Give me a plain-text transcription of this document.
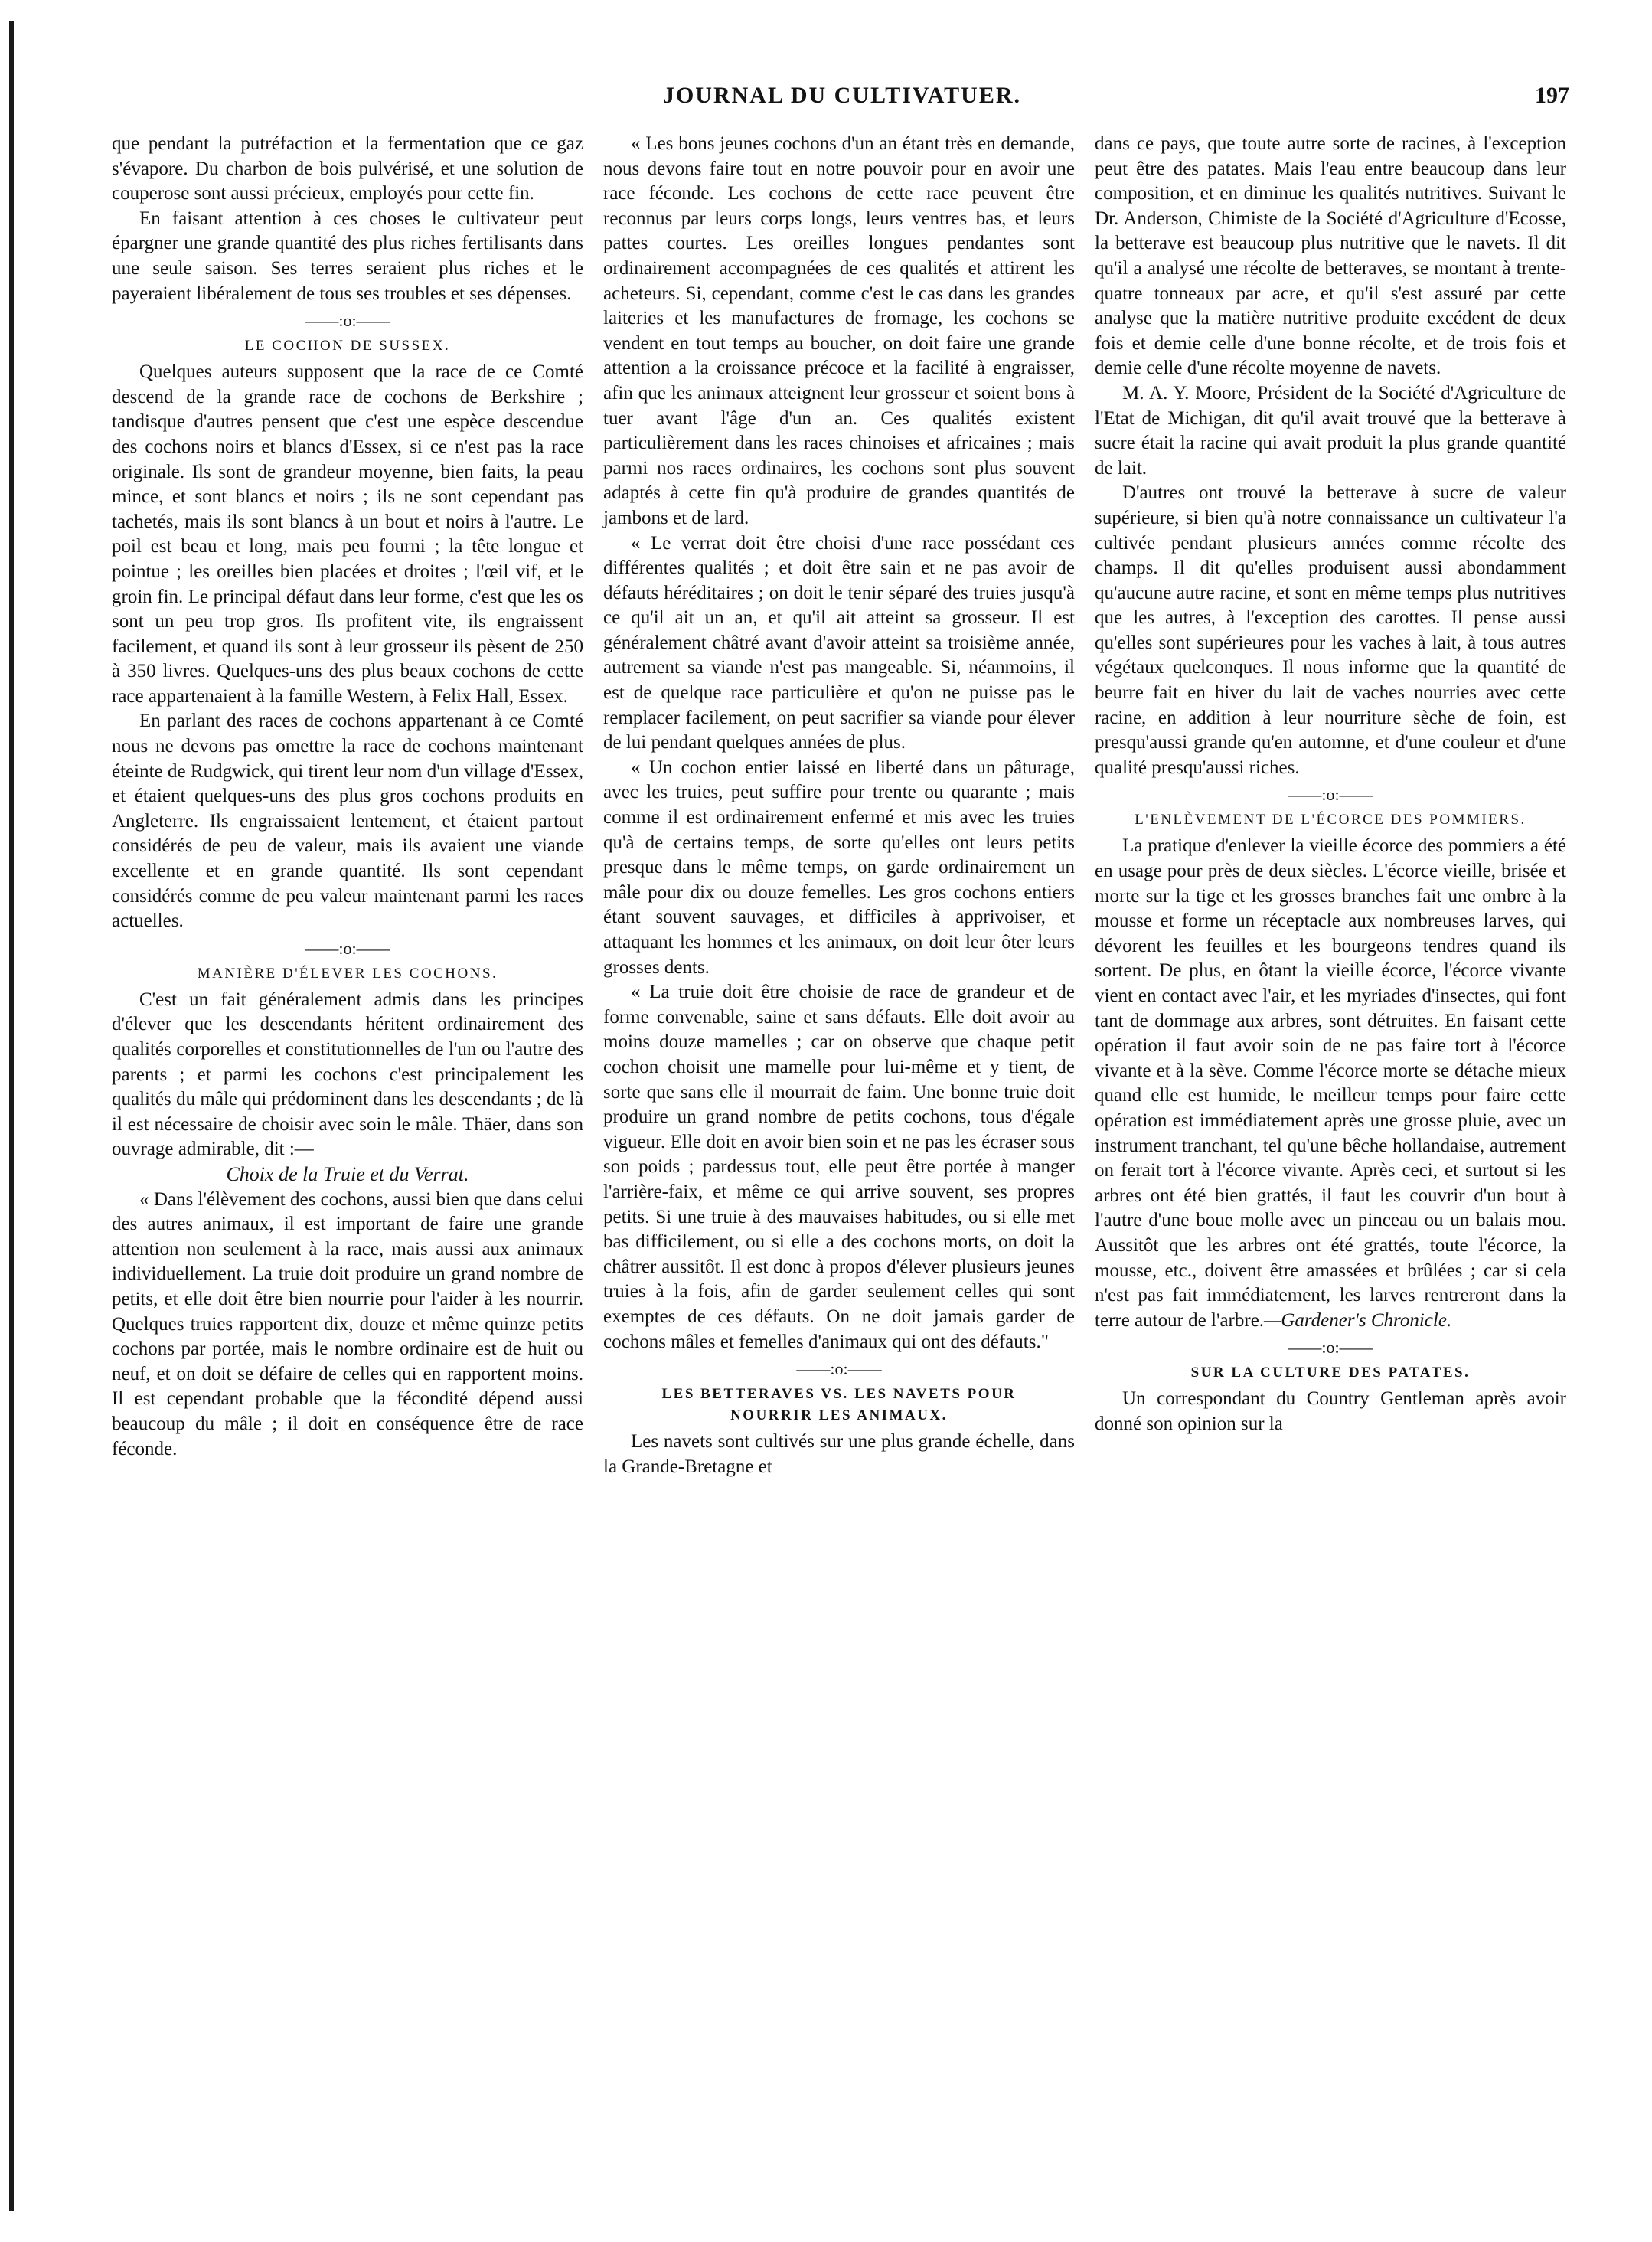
JOURNAL DU CULTIVATUER.	197

que pendant la putréfaction et la fermentation que ce gaz s'évapore. Du charbon de bois pulvérisé, et une solution de couperose sont aussi précieux, employés pour cette fin.

En faisant attention à ces choses le cultivateur peut épargner une grande quantité des plus riches fertilisants dans une seule saison. Ses terres seraient plus riches et le payeraient libéralement de tous ses troubles et ses dépenses.

——:o:——
LE COCHON DE SUSSEX.

Quelques auteurs supposent que la race de ce Comté descend de la grande race de cochons de Berkshire ; tandisque d'autres pensent que c'est une espèce descendue des cochons noirs et blancs d'Essex, si ce n'est pas la race originale. Ils sont de grandeur moyenne, bien faits, la peau mince, et sont blancs et noirs ; ils ne sont cependant pas tachetés, mais ils sont blancs à un bout et noirs à l'autre. Le poil est beau et long, mais peu fourni ; la tête longue et pointue ; les oreilles bien placées et droites ; l'œil vif, et le groin fin. Le principal défaut dans leur forme, c'est que les os sont un peu trop gros. Ils profitent vite, ils engraissent facilement, et quand ils sont à leur grosseur ils pèsent de 250 à 350 livres. Quelques-uns des plus beaux cochons de cette race appartenaient à la famille Western, à Felix Hall, Essex.

En parlant des races de cochons appartenant à ce Comté nous ne devons pas omettre la race de cochons maintenant éteinte de Rudgwick, qui tirent leur nom d'un village d'Essex, et étaient quelques-uns des plus gros cochons produits en Angleterre. Ils engraissaient lentement, et étaient partout considérés de peu de valeur, mais ils avaient une viande excellente et en grande quantité. Ils sont cependant considérés comme de peu valeur maintenant parmi les races actuelles.

——:o:——
MANIÈRE D'ÉLEVER LES COCHONS.

C'est un fait généralement admis dans les principes d'élever que les descendants héritent ordinairement des qualités corporelles et constitutionnelles de l'un ou l'autre des parents ; et parmi les cochons c'est principalement les qualités du mâle qui prédominent dans les descendants ; de là il est nécessaire de choisir avec soin le mâle. Thäer, dans son ouvrage admirable, dit :—

Choix de la Truie et du Verrat.

« Dans l'élèvement des cochons, aussi bien que dans celui des autres animaux, il est important de faire une grande attention non seulement à la race, mais aussi aux animaux individuellement. La truie doit produire un grand nombre de petits, et elle doit être bien nourrie pour l'aider à les nourrir. Quelques truies rapportent dix, douze et même quinze petits cochons par portée, mais le nombre ordinaire est de huit ou neuf, et on doit se défaire de celles qui en rapportent moins. Il est cependant probable que la fécondité dépend aussi beaucoup du mâle ; il doit en conséquence être de race féconde.

« Les bons jeunes cochons d'un an étant très en demande, nous devons faire tout en notre pouvoir pour en avoir une race féconde. Les cochons de cette race peuvent être reconnus par leurs corps longs, leurs ventres bas, et leurs pattes courtes. Les oreilles longues pendantes sont ordinairement accompagnées de ces qualités et attirent les acheteurs. Si, cependant, comme c'est le cas dans les grandes laiteries et les manufactures de fromage, les cochons se vendent en tout temps au boucher, on doit faire une grande attention a la croissance précoce et la facilité à engraisser, afin que les animaux atteignent leur grosseur et soient bons à tuer avant l'âge d'un an. Ces qualités existent particulièrement dans les races chinoises et africaines ; mais parmi nos races ordinaires, les cochons sont plus souvent adaptés à cette fin qu'à produire de grandes quantités de jambons et de lard.

« Le verrat doit être choisi d'une race possédant ces différentes qualités ; et doit être sain et ne pas avoir de défauts héréditaires ; on doit le tenir séparé des truies jusqu'à ce qu'il ait un an, et qu'il ait atteint sa grosseur. Il est généralement châtré avant d'avoir atteint sa troisième année, autrement sa viande n'est pas mangeable. Si, néanmoins, il est de quelque race particulière et qu'on ne puisse pas le remplacer facilement, on peut sacrifier sa viande pour élever de lui pendant quelques années de plus.

« Un cochon entier laissé en liberté dans un pâturage, avec les truies, peut suffire pour trente ou quarante ; mais comme il est ordinairement enfermé et mis avec les truies qu'à de certains temps, de sorte qu'elles ont leurs petits presque dans le même temps, on garde ordinairement un mâle pour dix ou douze femelles. Les gros cochons entiers étant souvent sauvages, et difficiles à apprivoiser, et attaquant les hommes et les animaux, on doit leur ôter leurs grosses dents.

« La truie doit être choisie de race de grandeur et de forme convenable, saine et sans défauts. Elle doit avoir au moins douze mamelles ; car on observe que chaque petit cochon choisit une mamelle pour lui-même et y tient, de sorte que sans elle il mourrait de faim. Une bonne truie doit produire un grand nombre de petits cochons, tous d'égale vigueur. Elle doit en avoir bien soin et ne pas les écraser sous son poids ; pardessus tout, elle peut être portée à manger l'arrière-faix, et même ce qui arrive souvent, ses propres petits. Si une truie à des mauvaises habitudes, ou si elle met bas difficilement, ou si elle a des cochons morts, on doit la châtrer aussitôt. Il est donc à propos d'élever plusieurs jeunes truies à la fois, afin de garder seulement celles qui sont exemptes de ces défauts. On ne doit jamais garder de cochons mâles et femelles d'animaux qui ont des défauts."

——:o:——
LES BETTERAVES VS. LES NAVETS POUR NOURRIR LES ANIMAUX.

Les navets sont cultivés sur une plus grande échelle, dans la Grande-Bretagne et

dans ce pays, que toute autre sorte de racines, à l'exception peut être des patates. Mais l'eau entre beaucoup dans leur composition, et en diminue les qualités nutritives. Suivant le Dr. Anderson, Chimiste de la Société d'Agriculture d'Ecosse, la betterave est beaucoup plus nutritive que le navets. Il dit qu'il a analysé une récolte de betteraves, se montant à trente-quatre tonneaux par acre, et qu'il s'est assuré par cette analyse que la matière nutritive produite excédent de deux fois et demie celle d'une bonne récolte, et de trois fois et demie celle d'une récolte moyenne de navets.

M. A. Y. Moore, Président de la Société d'Agriculture de l'Etat de Michigan, dit qu'il avait trouvé que la betterave à sucre était la racine qui avait produit la plus grande quantité de lait.

D'autres ont trouvé la betterave à sucre de valeur supérieure, si bien qu'à notre connaissance un cultivateur l'a cultivée pendant plusieurs années comme récolte des champs. Il dit qu'elles produisent aussi abondamment qu'aucune autre racine, et sont en même temps plus nutritives que les autres, à l'exception des carottes. Il pense aussi qu'elles sont supérieures pour les vaches à lait, à tous autres végétaux quelconques. Il nous informe que la quantité de beurre fait en hiver du lait de vaches nourries avec cette racine, en addition à leur nourriture sèche de foin, est presqu'aussi grande qu'en automne, et d'une couleur et d'une qualité presqu'aussi riches.

——:o:——
L'ENLÈVEMENT DE L'ÉCORCE DES POMMIERS.

La pratique d'enlever la vieille écorce des pommiers a été en usage pour près de deux siècles. L'écorce vieille, brisée et morte sur la tige et les grosses branches fait une ombre à la mousse et forme un réceptacle aux nombreuses larves, qui dévorent les feuilles et les bourgeons tendres quand ils sortent. De plus, en ôtant la vieille écorce, l'écorce vivante vient en contact avec l'air, et les myriades d'insectes, qui font tant de dommage aux arbres, sont détruites. En faisant cette opération il faut avoir soin de ne pas faire tort à l'écorce vivante et à la sève. Comme l'écorce morte se détache mieux quand elle est humide, le meilleur temps pour faire cette opération est immédiatement après une grosse pluie, avec un instrument tranchant, tel qu'une bêche hollandaise, autrement on ferait tort à l'écorce vivante. Après ceci, et surtout si les arbres ont été bien grattés, il faut les couvrir d'un bout à l'autre d'une boue molle avec un pinceau ou un balais mou. Aussitôt que les arbres ont été grattés, toute l'écorce, la mousse, etc., doivent être amassées et brûlées ; car si cela n'est pas fait immédiatement, les larves rentreront dans la terre autour de l'arbre.—Gardener's Chronicle.

——:o:——
SUR LA CULTURE DES PATATES.

Un correspondant du Country Gentleman après avoir donné son opinion sur la
